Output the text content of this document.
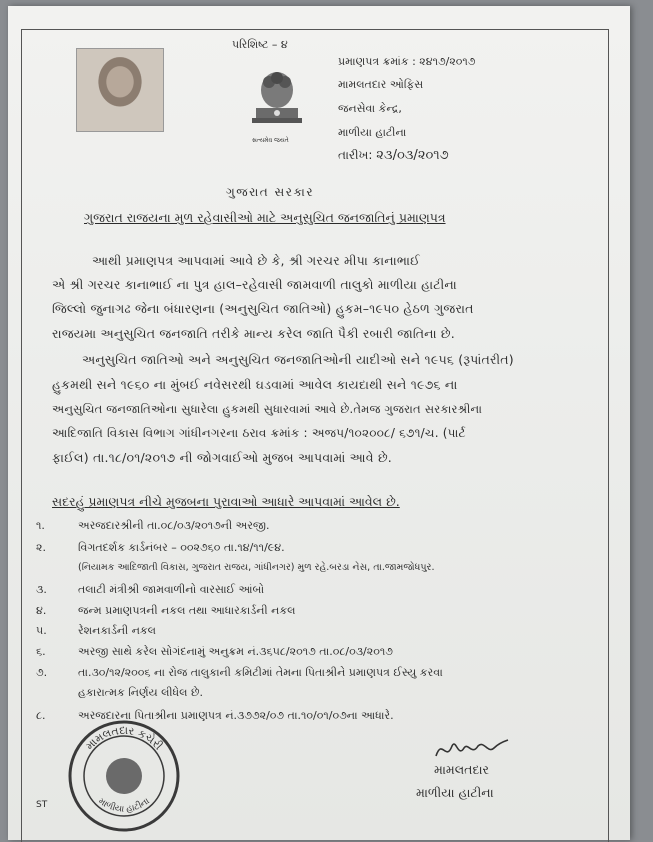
પરિશિષ્ટ – ૪
સત્યમેવ જયતે
પ્રમાણપત્ર ક્રમાંક : ૨૪૧૭/૨૦૧૭
મામલતદાર ઓફિસ
જનસેવા કેન્દ્ર,
માળીયા હાટીના
તારીખ: ૨૩/૦૩/૨૦૧૭
ગુજરાત સરકાર
ગુજરાત રાજયના મુળ રહેવાસીઓ માટે અનુસુચિત જનજાતિનું પ્રમાણપત્ર
આથી પ્રમાણપત્ર આપવામાં આવે છે કે, શ્રી ગરચર મીપા કાનાભાઈ
એ શ્રી ગરચર કાનાભાઈ ના પુત્ર હાલ–રહેવાસી જામવાળી તાલુકો માળીયા હાટીના
જિલ્લો જુનાગઢ જેના બંધારણના (અનુસુચિત જાતિઓ) હુકમ–૧૯૫૦ હેઠળ ગુજરાત
રાજયમા અનુસુચિત જનજાતિ તરીકે માન્ય કરેલ જાતિ પૈકી રબારી જાતિના છે.
અનુસુચિત જાતિઓ અને અનુસુચિત જનજાતિઓની યાદીઓ સને ૧૯૫૬ (રૂપાંતરીત)
હુકમથી સને ૧૯૬૦ ના મુંબઈ નવેસરથી ઘડવામાં આવેલ કાયદાથી સને ૧૯૭૬ ના
અનુસુચિત જનજાતિઓના સુધારેલા હુકમથી સુધારવામાં આવે છે.તેમજ ગુજરાત સરકારશ્રીના
આદિજાતિ વિકાસ વિભાગ ગાંધીનગરના ઠરાવ ક્રમાંક : અજપ/૧૦૨૦૦૮/ ૬૭૧/ચ. (પાર્ટ
ફાઈલ) તા.૧૮/૦૧/૨૦૧૭ ની જોગવાઈઓ મુજબ આપવામાં આવે છે.
સદરહું પ્રમાણપત્ર નીચે મુજબના પુરાવાઓ આધારે આપવામાં આવેલ છે.
૧.	અરજદારશ્રીની તા.૦૮/૦૩/૨૦૧૭ની અરજી.
૨.	વિગતદર્શક કાર્ડનંબર – ૦૦૨૭૬૦ તા.૧૪/૧૧/૯૪.
(નિયામક આદિજાતી વિકાસ, ગુજરાત રાજય, ગાંધીનગર) મુળ રહે.બરડા નેસ, તા.જામજોધપુર.
૩.	તલાટી મંત્રીશ્રી જામવાળીનો વારસાઈ આંબો
૪.	જન્મ પ્રમાણપત્રની નકલ તથા આધારકાર્ડની નકલ
૫.	રેશનકાર્ડની નકલ
૬.	અરજી સાથે કરેલ સોગંદનામું અનુક્રમ નં.૩૬૫૮/૨૦૧૭ તા.૦૮/૦૩/૨૦૧૭
૭.	તા.૩૦/૧૨/૨૦૦૬ ના રોજ તાલુકાની કમિટીમાં તેમના પિતાશ્રીને પ્રમાણપત્ર ઈસ્યુ કરવા
હકારાત્મક નિર્ણય લીધેલ છે.
૮.	અરજદારના પિતાશ્રીના પ્રમાણપત્ર નં.૩૭૭૨/૦૭ તા.૧૦/૦૧/૦૭ના આધારે.
મામલતદાર કચેરી
માળીયા હાટીના
મામલતદાર
માળીયા હાટીના
ST
